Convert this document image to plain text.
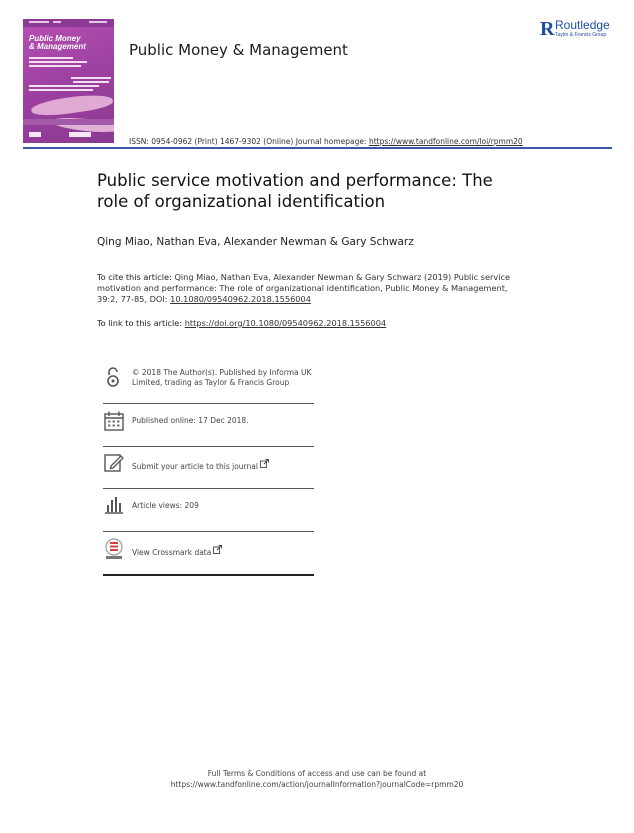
Public Money
& Management	Public Money & Management
R Routledge
Taylor & Francis Group
ISSN: 0954-0962 (Print) 1467-9302 (Online) Journal homepage: https://www.tandfonline.com/loi/rpmm20
Public service motivation and performance: The role of organizational identification
Qing Miao, Nathan Eva, Alexander Newman & Gary Schwarz
To cite this article: Qing Miao, Nathan Eva, Alexander Newman & Gary Schwarz (2019) Public service motivation and performance: The role of organizational identification, Public Money & Management, 39:2, 77-85, DOI: 10.1080/09540962.2018.1556004
To link to this article: https://doi.org/10.1080/09540962.2018.1556004
© 2018 The Author(s). Published by Informa UK Limited, trading as Taylor & Francis Group
Published online: 17 Dec 2018.
Submit your article to this journal
Article views: 209
View Crossmark data
Full Terms & Conditions of access and use can be found at
https://www.tandfonline.com/action/journalInformation?journalCode=rpmm20
